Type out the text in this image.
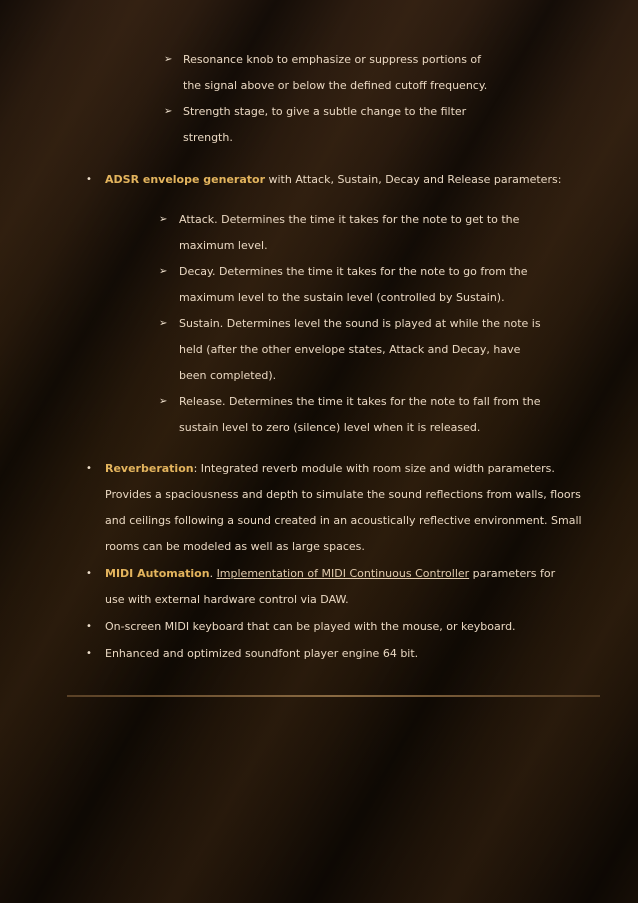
➢ Resonance knob to emphasize or suppress portions of
the signal above or below the defined cutoff frequency.
➢ Strength stage, to give a subtle change to the filter
strength.
• ADSR envelope generator with Attack, Sustain, Decay and Release parameters:
➢ Attack. Determines the time it takes for the note to get to the
maximum level.
➢ Decay. Determines the time it takes for the note to go from the
maximum level to the sustain level (controlled by Sustain).
➢ Sustain. Determines level the sound is played at while the note is
held (after the other envelope states, Attack and Decay, have
been completed).
➢ Release. Determines the time it takes for the note to fall from the
sustain level to zero (silence) level when it is released.
• Reverberation: Integrated reverb module with room size and width parameters.
Provides a spaciousness and depth to simulate the sound reflections from walls, floors
and ceilings following a sound created in an acoustically reflective environment. Small
rooms can be modeled as well as large spaces.
• MIDI Automation. Implementation of MIDI Continuous Controller parameters for
use with external hardware control via DAW.
• On-screen MIDI keyboard that can be played with the mouse, or keyboard.
• Enhanced and optimized soundfont player engine 64 bit.
